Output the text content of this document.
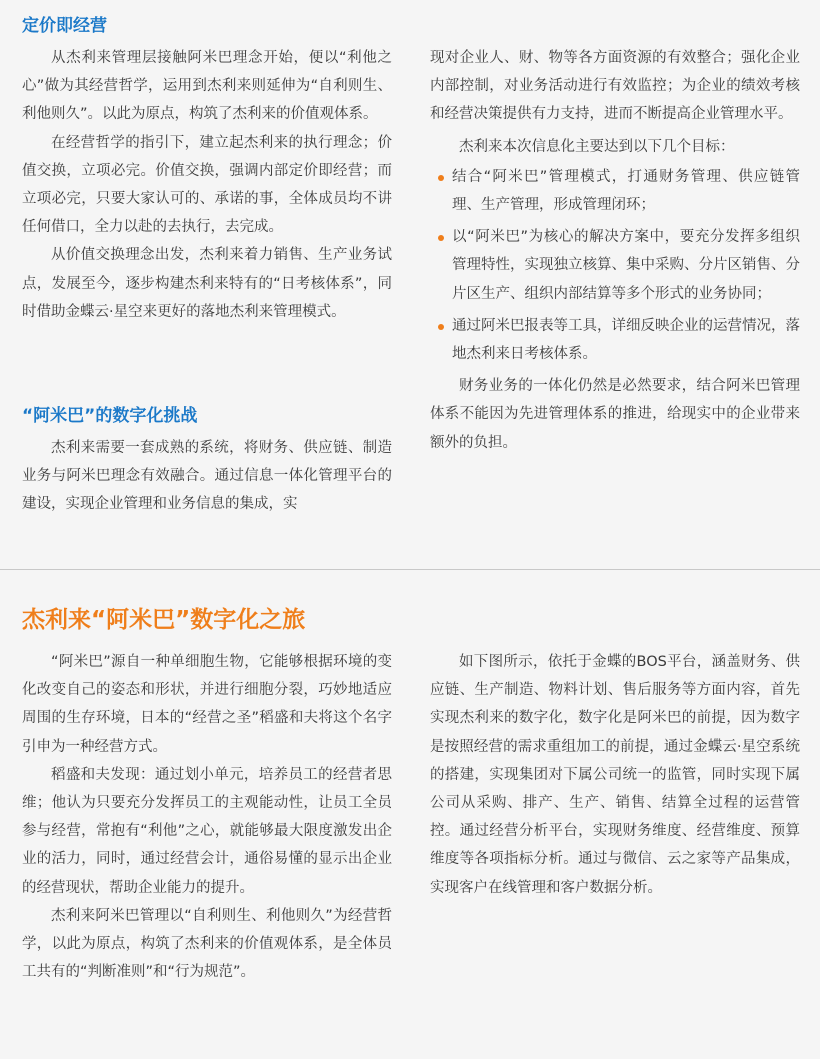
定价即经营

从杰利来管理层接触阿米巴理念开始，便以“利他之心”做为其经营哲学，运用到杰利来则延伸为“自利则生、利他则久”。以此为原点，构筑了杰利来的价值观体系。

在经营哲学的指引下，建立起杰利来的执行理念；价值交换，立项必完。价值交换，强调内部定价即经营；而立项必完，只要大家认可的、承诺的事，全体成员均不讲任何借口，全力以赴的去执行，去完成。

从价值交换理念出发，杰利来着力销售、生产业务试点，发展至今，逐步构建杰利来特有的“日考核体系”，同时借助金蝶云·星空来更好的落地杰利来管理模式。

“阿米巴”的数字化挑战

杰利来需要一套成熟的系统，将财务、供应链、制造业务与阿米巴理念有效融合。通过信息一体化管理平台的建设，实现企业管理和业务信息的集成，实

现对企业人、财、物等各方面资源的有效整合；强化企业内部控制，对业务活动进行有效监控；为企业的绩效考核和经营决策提供有力支持，进而不断提高企业管理水平。

杰利来本次信息化主要达到以下几个目标：

结合“阿米巴”管理模式，打通财务管理、供应链管理、生产管理，形成管理闭环；
以“阿米巴”为核心的解决方案中，要充分发挥多组织管理特性，实现独立核算、集中采购、分片区销售、分片区生产、组织内部结算等多个形式的业务协同；
通过阿米巴报表等工具，详细反映企业的运营情况，落地杰利来日考核体系。

财务业务的一体化仍然是必然要求，结合阿米巴管理体系不能因为先进管理体系的推进，给现实中的企业带来额外的负担。

杰利来“阿米巴”数字化之旅

“阿米巴”源自一种单细胞生物，它能够根据环境的变化改变自己的姿态和形状，并进行细胞分裂，巧妙地适应周围的生存环境，日本的“经营之圣”稻盛和夫将这个名字引申为一种经营方式。

稻盛和夫发现：通过划小单元，培养员工的经营者思维；他认为只要充分发挥员工的主观能动性，让员工全员参与经营，常抱有“利他”之心，就能够最大限度激发出企业的活力，同时，通过经营会计，通俗易懂的显示出企业的经营现状，帮助企业能力的提升。

杰利来阿米巴管理以“自利则生、利他则久”为经营哲学，以此为原点，构筑了杰利来的价值观体系，是全体员工共有的“判断准则”和“行为规范”。

如下图所示，依托于金蝶的BOS平台，涵盖财务、供应链、生产制造、物料计划、售后服务等方面内容，首先实现杰利来的数字化，数字化是阿米巴的前提，因为数字是按照经营的需求重组加工的前提，通过金蝶云·星空系统的搭建，实现集团对下属公司统一的监管，同时实现下属公司从采购、排产、生产、销售、结算全过程的运营管控。通过经营分析平台，实现财务维度、经营维度、预算维度等各项指标分析。通过与微信、云之家等产品集成，实现客户在线管理和客户数据分析。
